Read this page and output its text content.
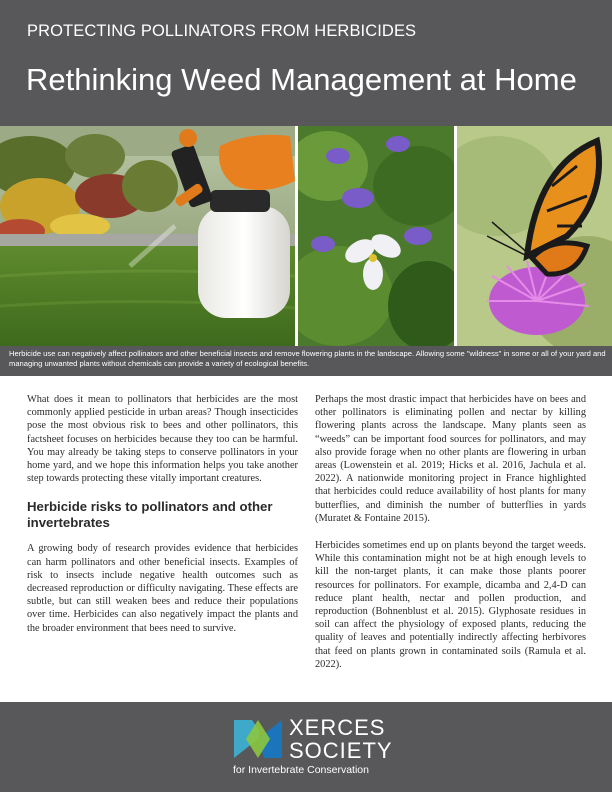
PROTECTING POLLINATORS FROM HERBICIDES
Rethinking Weed Management at Home
Herbicide use can negatively affect pollinators and other beneficial insects and remove flowering plants in the landscape. Allowing some "wildness" in some or all of your yard and managing unwanted plants without chemicals can provide a variety of ecological benefits.

What does it mean to pollinators that herbicides are the most commonly applied pesticide in urban areas? Though insecticides pose the most obvious risk to bees and other pollinators, this factsheet focuses on herbicides because they too can be harmful. You may already be taking steps to conserve pollinators in your home yard, and we hope this information helps you take another step towards protecting these vitally important creatures.

Herbicide risks to pollinators and other invertebrates

A growing body of research provides evidence that herbicides can harm pollinators and other beneficial insects. Examples of risk to insects include negative health outcomes such as decreased reproduction or difficulty navigating. These effects are subtle, but can still weaken bees and reduce their populations over time. Herbicides can also negatively impact the plants and the broader environment that bees need to survive.

Perhaps the most drastic impact that herbicides have on bees and other pollinators is eliminating pollen and nectar by killing flowering plants across the landscape. Many plants seen as “weeds” can be important food sources for pollinators, and may also provide forage when no other plants are flowering in urban areas (Lowenstein et al. 2019; Hicks et al. 2016, Jachula et al. 2022). A nationwide monitoring project in France highlighted that herbicides could reduce availability of host plants for many butterflies, and diminish the number of butterflies in yards (Muratet & Fontaine 2015).

Herbicides sometimes end up on plants beyond the target weeds. While this contamination might not be at high enough levels to kill the non-target plants, it can make those plants poorer resources for pollinators. For example, dicamba and 2,4-D can reduce plant health, nectar and pollen production, and reproduction (Bohnenblust et al. 2015). Glyphosate residues in soil can affect the physiology of exposed plants, reducing the quality of leaves and potentially indirectly affecting herbivores that feed on plants grown in contaminated soils (Ramula et al. 2022).

XERCES
SOCIETY
for Invertebrate Conservation
